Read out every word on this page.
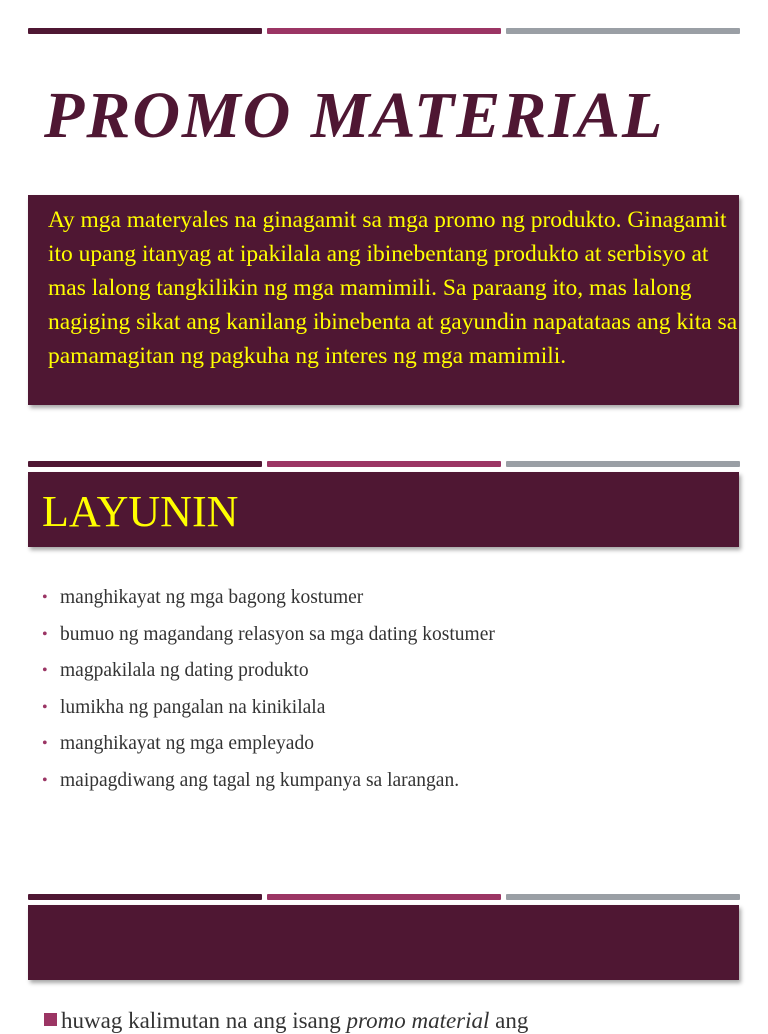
PROMO MATERIAL

Ay mga materyales na ginagamit sa mga promo ng produkto. Ginagamit ito upang itanyag at ipakilala ang ibinebentang produkto at serbisyo at mas lalong tangkilikin ng mga mamimili. Sa paraang ito, mas lalong nagiging sikat ang kanilang ibinebenta at gayundin napatataas ang kita sa pamamagitan ng pagkuha ng interes ng mga mamimili.

LAYUNIN
• manghikayat ng mga bagong kostumer
• bumuo ng magandang relasyon sa mga dating kostumer
• magpakilala ng dating produkto
• lumikha ng pangalan na kinikilala
• manghikayat ng mga empleyado
• maipagdiwang ang tagal ng kumpanya sa larangan.

huwag kalimutan na ang isang promo material ang
